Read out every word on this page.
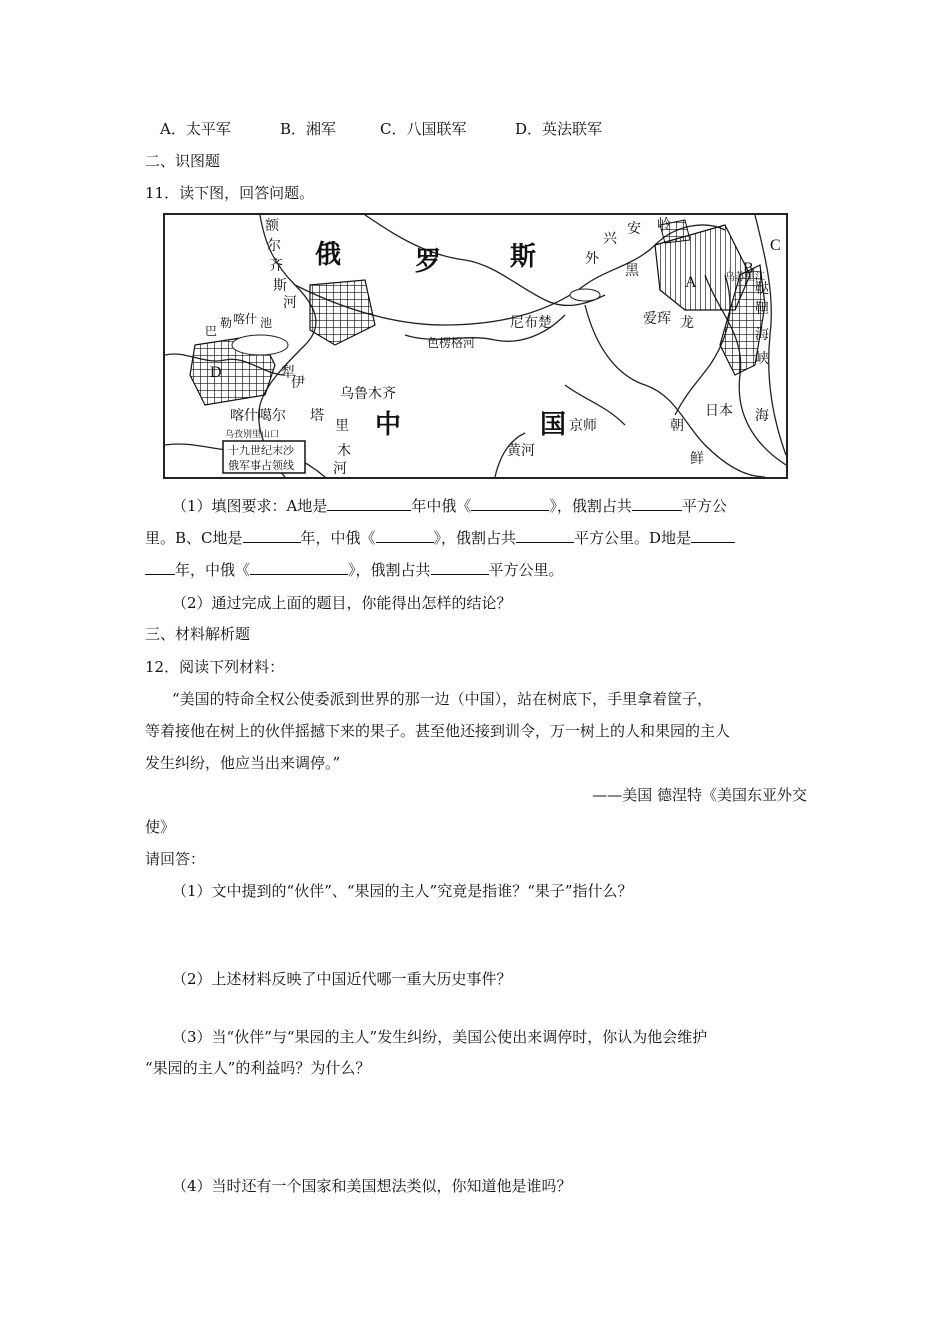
A．太平军	B．湘军	C．八国联军	D．英法联军
二、识图题
11．读下图，回答问题。
俄	罗	斯
额
尔
齐
斯
河
兴
安 岭
外
黑
爱珲 龙
尼布楚
色楞格河
巴
勒 喀什 池
伊
犁
乌鲁木齐
喀什噶尔 塔
里
木
河
中	国 京师
黄河
朝
鲜
日本 海
鞑
靼
海
峡
乌苏里江
A
B
C
D
乌孜别里山口
十九世纪末沙
俄军事占领线
（1）填图要求：A地是	年中俄《	》，俄割占共	平方公
里。B、C地是	年，中俄《	》，俄割占共	平方公里。D地是
年，中俄《	》，俄割占共	平方公里。
（2）通过完成上面的题目，你能得出怎样的结论？
三、材料解析题
12．阅读下列材料：
“美国的特命全权公使委派到世界的那一边（中国），站在树底下，手里拿着筐子，
等着接他在树上的伙伴摇撼下来的果子。甚至他还接到训令，万一树上的人和果园的主人
发生纠纷，他应当出来调停。”
——美国 德涅特《美国东亚外交
使》
请回答：
（1）文中提到的“伙伴”、“果园的主人”究竟是指谁？“果子”指什么？
（2）上述材料反映了中国近代哪一重大历史事件？
（3）当“伙伴”与“果园的主人”发生纠纷，美国公使出来调停时，你认为他会维护
“果园的主人”的利益吗？为什么？
（4）当时还有一个国家和美国想法类似，你知道他是谁吗？
